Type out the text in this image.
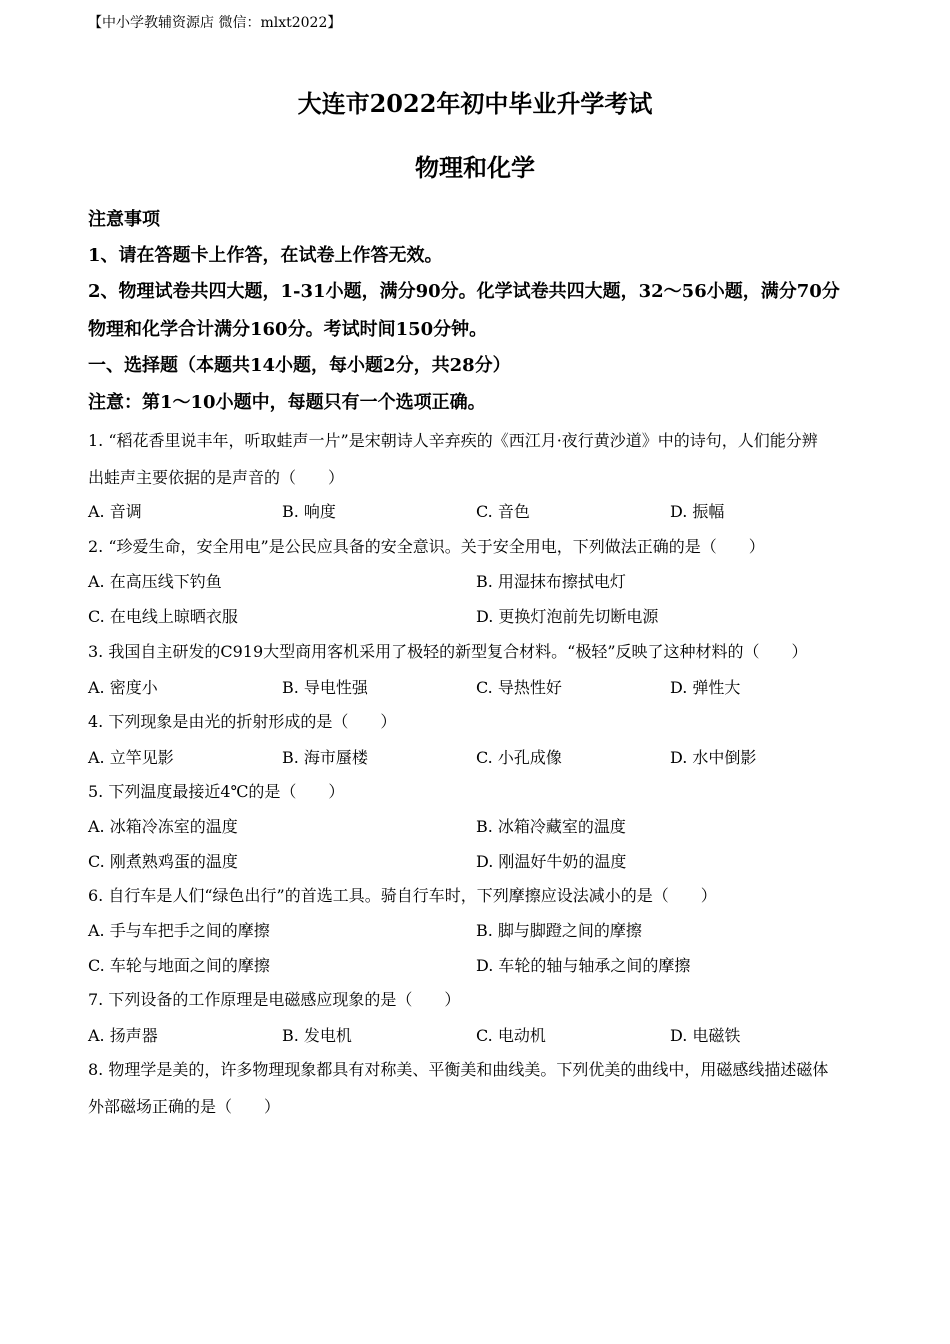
【中小学教辅资源店 微信：mlxt2022】
大连市2022年初中毕业升学考试
物理和化学
注意事项
1、请在答题卡上作答，在试卷上作答无效。
2、物理试卷共四大题，1-31小题，满分90分。化学试卷共四大题，32～56小题，满分70分
物理和化学合计满分160分。考试时间150分钟。
一、选择题（本题共14小题，每小题2分，共28分）
注意：第1～10小题中，每题只有一个选项正确。
1. “稻花香里说丰年，听取蛙声一片”是宋朝诗人辛弃疾的《西江月·夜行黄沙道》中的诗句，人们能分辨
出蛙声主要依据的是声音的（　　）
A. 音调	B. 响度	C. 音色	D. 振幅
2. “珍爱生命，安全用电”是公民应具备的安全意识。关于安全用电，下列做法正确的是（　　）
A. 在高压线下钓鱼	B. 用湿抹布擦拭电灯
C. 在电线上晾晒衣服	D. 更换灯泡前先切断电源
3. 我国自主研发的C919大型商用客机采用了极轻的新型复合材料。“极轻”反映了这种材料的（　　）
A. 密度小	B. 导电性强	C. 导热性好	D. 弹性大
4. 下列现象是由光的折射形成的是（　　）
A. 立竿见影	B. 海市蜃楼	C. 小孔成像	D. 水中倒影
5. 下列温度最接近4℃的是（　　）
A. 冰箱冷冻室的温度	B. 冰箱冷藏室的温度
C. 刚煮熟鸡蛋的温度	D. 刚温好牛奶的温度
6. 自行车是人们“绿色出行”的首选工具。骑自行车时，下列摩擦应设法减小的是（　　）
A. 手与车把手之间的摩擦	B. 脚与脚蹬之间的摩擦
C. 车轮与地面之间的摩擦	D. 车轮的轴与轴承之间的摩擦
7. 下列设备的工作原理是电磁感应现象的是（　　）
A. 扬声器	B. 发电机	C. 电动机	D. 电磁铁
8. 物理学是美的，许多物理现象都具有对称美、平衡美和曲线美。下列优美的曲线中，用磁感线描述磁体
外部磁场正确的是（　　）
